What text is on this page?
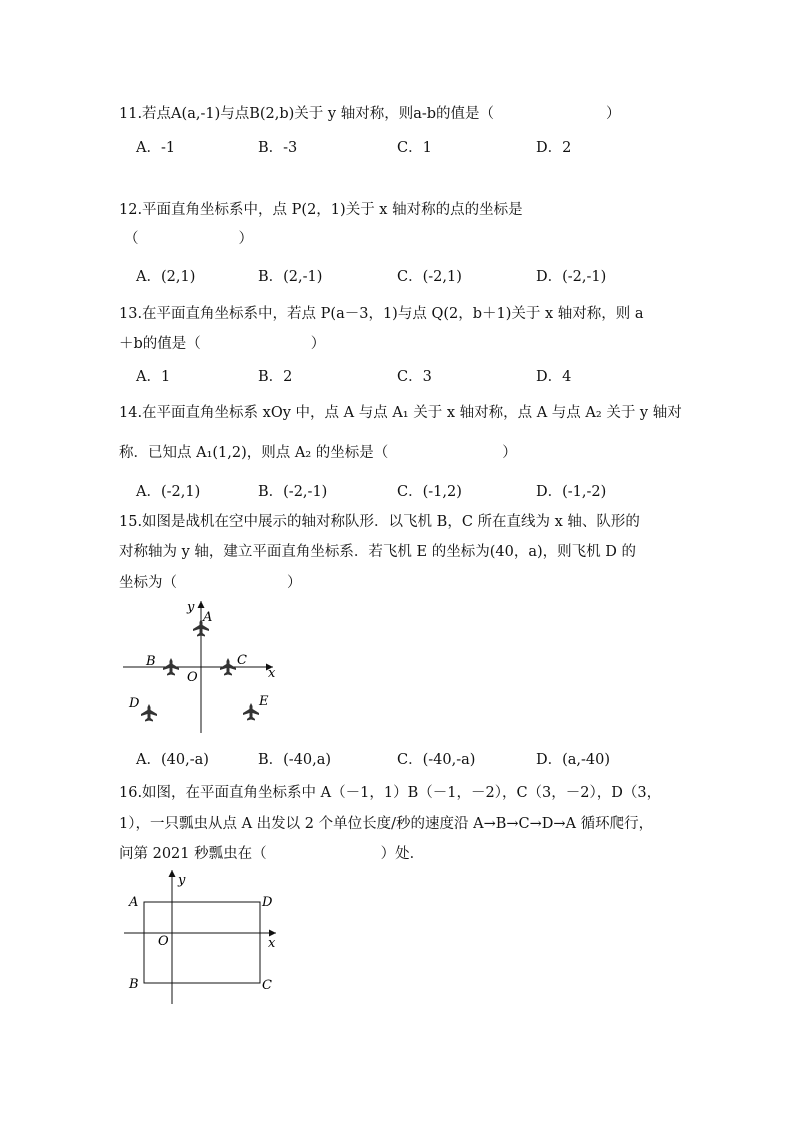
11.若点A(a,-1)与点B(2,b)关于 y 轴对称，则a-b的值是（	）
A．-1	B．-3	C．1	D．2
12.平面直角坐标系中，点 P(2，1)关于 x 轴对称的点的坐标是
（	）
A．(2,1)	B．(2,-1)	C．(-2,1)	D．(-2,-1)
13.在平面直角坐标系中，若点 P(a－3，1)与点 Q(2，b＋1)关于 x 轴对称，则 a
＋b的值是（	）
A．1	B．2	C．3	D．4
14.在平面直角坐标系 xOy 中，点 A 与点 A₁ 关于 x 轴对称，点 A 与点 A₂ 关于 y 轴对
称．已知点 A₁(1,2)，则点 A₂ 的坐标是（	）
A．(-2,1)	B．(-2,-1)	C．(-1,2)	D．(-1,-2)
15.如图是战机在空中展示的轴对称队形．以飞机 B，C 所在直线为 x 轴、队形的
对称轴为 y 轴，建立平面直角坐标系．若飞机 E 的坐标为(40，a)，则飞机 D 的
坐标为（	）
y
x
O
A
B	C
D	E
A．(40,-a)	B．(-40,a)	C．(-40,-a)	D．(a,-40)
16.如图，在平面直角坐标系中 A（－1，1）B（－1，－2），C（3，－2），D（3，
1），一只瓢虫从点 A 出发以 2 个单位长度/秒的速度沿 A→B→C→D→A 循环爬行，
问第 2021 秒瓢虫在（	）处．
y
x
O
A
B	C
D
